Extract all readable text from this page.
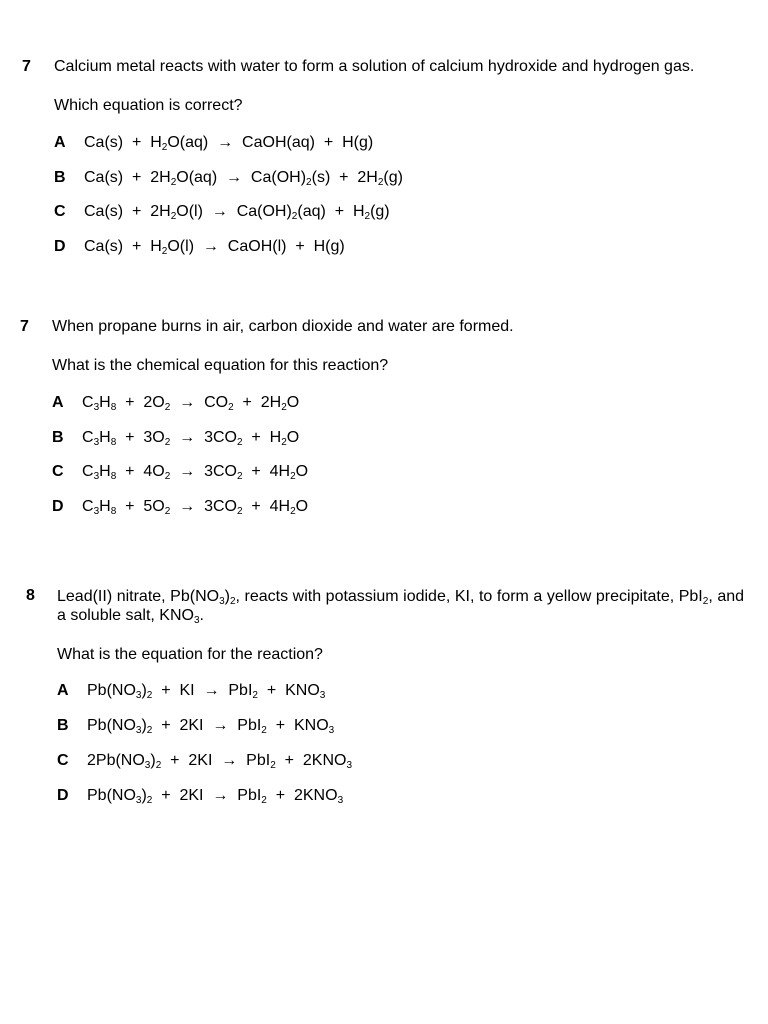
7 Calcium metal reacts with water to form a solution of calcium hydroxide and hydrogen gas.
Which equation is correct?
A $Ca(s) + H_2O(aq)$  →  CaOH(aq)  +  H(g)
B $Ca(s) + 2H_2O(aq) \to Ca(OH)_2(s) + 2H_2(g)$
C $Ca(s) + 2H_2O(l) \to Ca(OH)_2(aq) + H_2(g)$
D $Ca(s) + H_2O(l)$  →  CaOH(l)  +  H(g)
7 When propane burns in air, carbon dioxide and water are formed.
What is the chemical equation for this reaction?
A $C_3H_8 + 2O_2 \to CO_2 + 2H_2O$
B $C_3H_8 + 3O_2 \to 3CO_2 + H_2O$
C $C_3H_8 + 4O_2 \to 3CO_2 + 4H_2O$
D $C_3H_8 + 5O_2 \to 3CO_2 + 4H_2O$
8 Lead(II) nitrate, $Pb(NO_3)_2$, reacts with potassium iodide, KI, to form a yellow precipitate, PbI$_2$, and a soluble salt, $KNO_3$.
What is the equation for the reaction?
A $Pb(NO_3)_2$  +  KI  →  $PbI_2 + KNO_3$
B $Pb(NO_3)_2 + 2KI \to PbI_2 + KNO_3$
C $2Pb(NO_3)_2 + 2KI \to PbI_2 + 2KNO_3$
D $Pb(NO_3)_2 + 2KI \to PbI_2 + 2KNO_3$
